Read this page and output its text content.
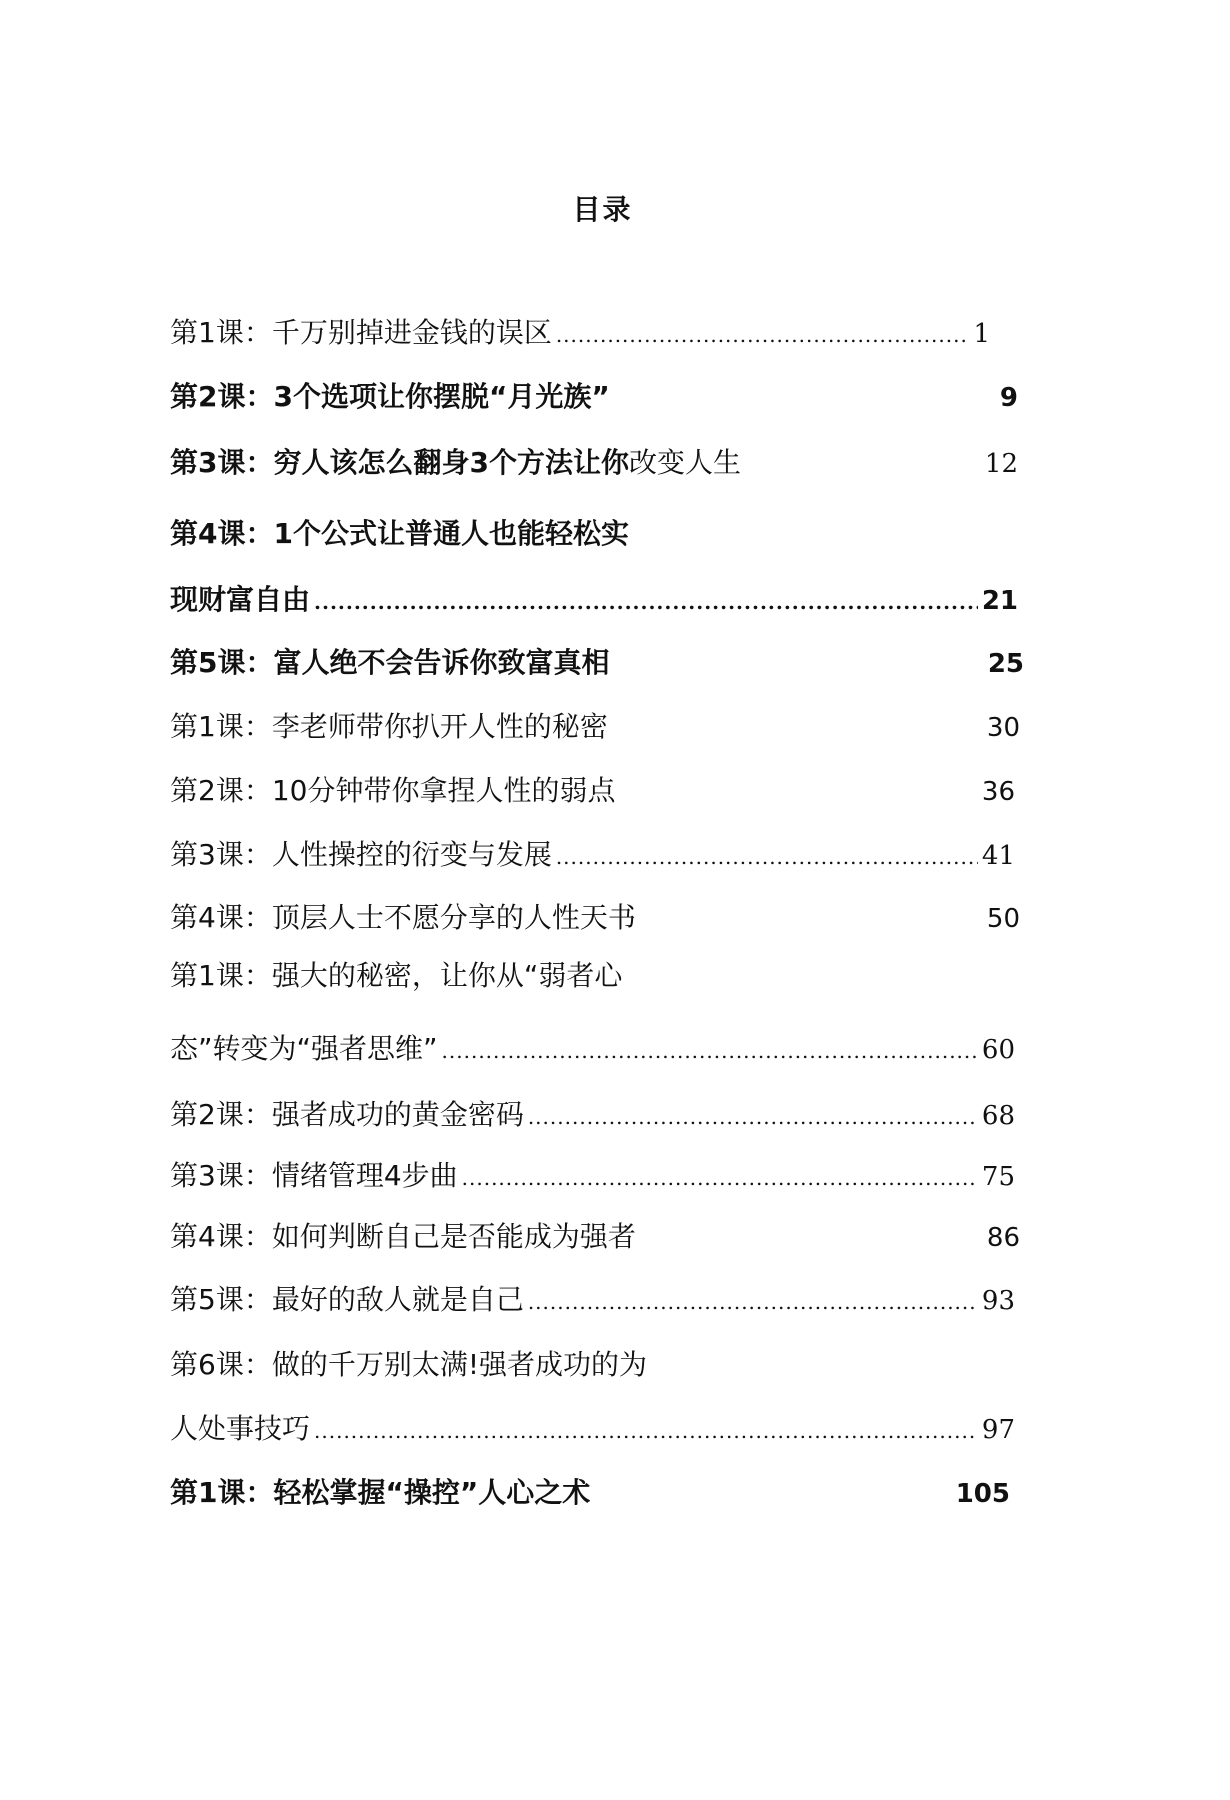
目录
第1课：千万别掉进金钱的误区 .....	1
第2课：3个选项让你摆脱“月光族”	9
第3课：穷人该怎么翻身3个方法让你改变人生	12
第4课：1个公式让普通人也能轻松实
现财富自由 .....	21
第5课：富人绝不会告诉你致富真相	25
第1课：李老师带你扒开人性的秘密	30
第2课：10分钟带你拿捏人性的弱点	36
第3课：人性操控的衍变与发展 .....	41
第4课：顶层人士不愿分享的人性天书	50
第1课：强大的秘密，让你从“弱者心
态”转变为“强者思维” .....	60
第2课：强者成功的黄金密码 .....	68
第3课：情绪管理4步曲 .....	75
第4课：如何判断自己是否能成为强者	86
第5课：最好的敌人就是自己 .....	93
第6课：做的千万别太满!强者成功的为
人处事技巧 .....	97
第1课：轻松掌握“操控”人心之术	105
